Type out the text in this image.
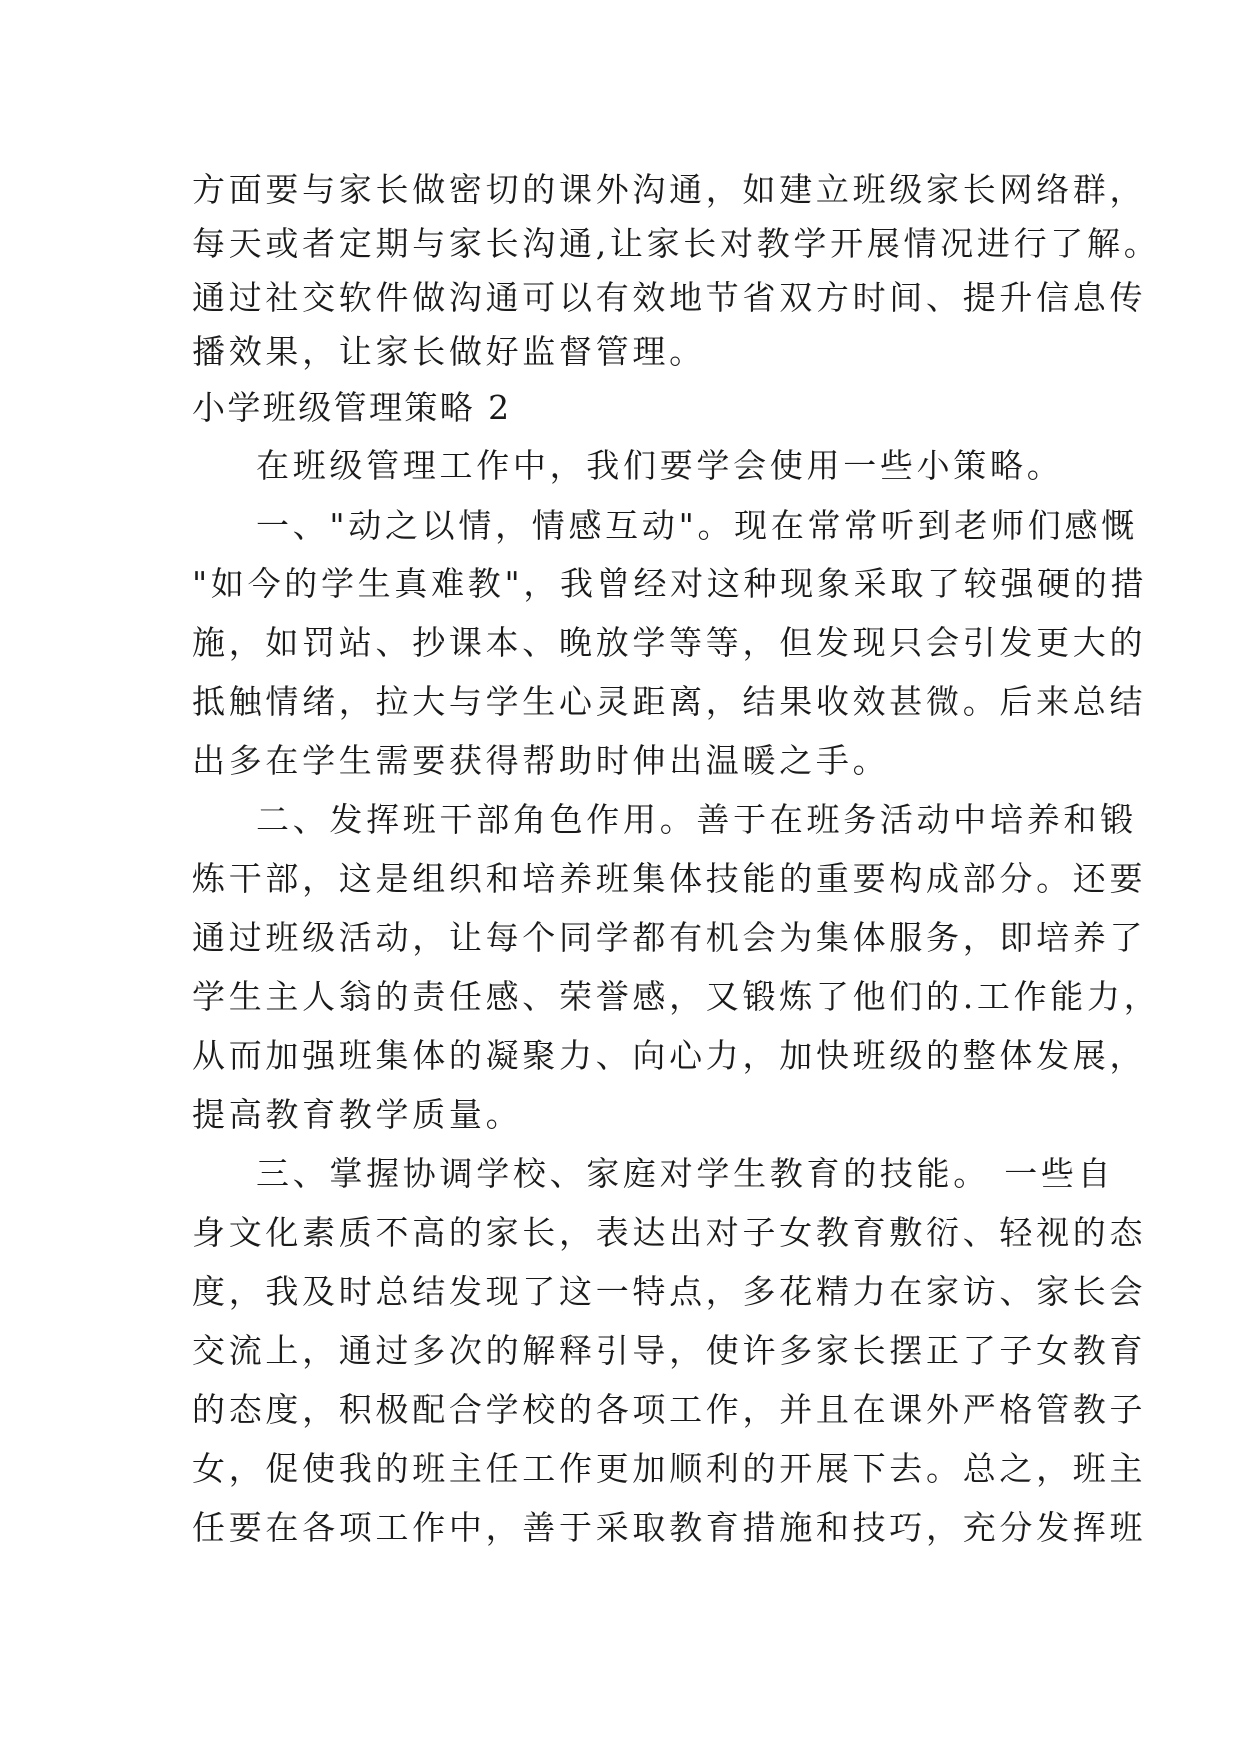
方面要与家长做密切的课外沟通，如建立班级家长网络群，
每天或者定期与家长沟通,让家长对教学开展情况进行了解。
通过社交软件做沟通可以有效地节省双方时间、提升信息传
播效果，让家长做好监督管理。
小学班级管理策略 2
在班级管理工作中，我们要学会使用一些小策略。
一、"动之以情，情感互动"。现在常常听到老师们感慨
"如今的学生真难教"，我曾经对这种现象采取了较强硬的措
施，如罚站、抄课本、晚放学等等，但发现只会引发更大的
抵触情绪，拉大与学生心灵距离，结果收效甚微。后来总结
出多在学生需要获得帮助时伸出温暖之手。
二、发挥班干部角色作用。善于在班务活动中培养和锻
炼干部，这是组织和培养班集体技能的重要构成部分。还要
通过班级活动，让每个同学都有机会为集体服务，即培养了
学生主人翁的责任感、荣誉感，又锻炼了他们的.工作能力，
从而加强班集体的凝聚力、向心力，加快班级的整体发展，
提高教育教学质量。
三、掌握协调学校、家庭对学生教育的技能。 一些自
身文化素质不高的家长，表达出对子女教育敷衍、轻视的态
度，我及时总结发现了这一特点，多花精力在家访、家长会
交流上，通过多次的解释引导，使许多家长摆正了子女教育
的态度，积极配合学校的各项工作，并且在课外严格管教子
女，促使我的班主任工作更加顺利的开展下去。总之，班主
任要在各项工作中，善于采取教育措施和技巧，充分发挥班
